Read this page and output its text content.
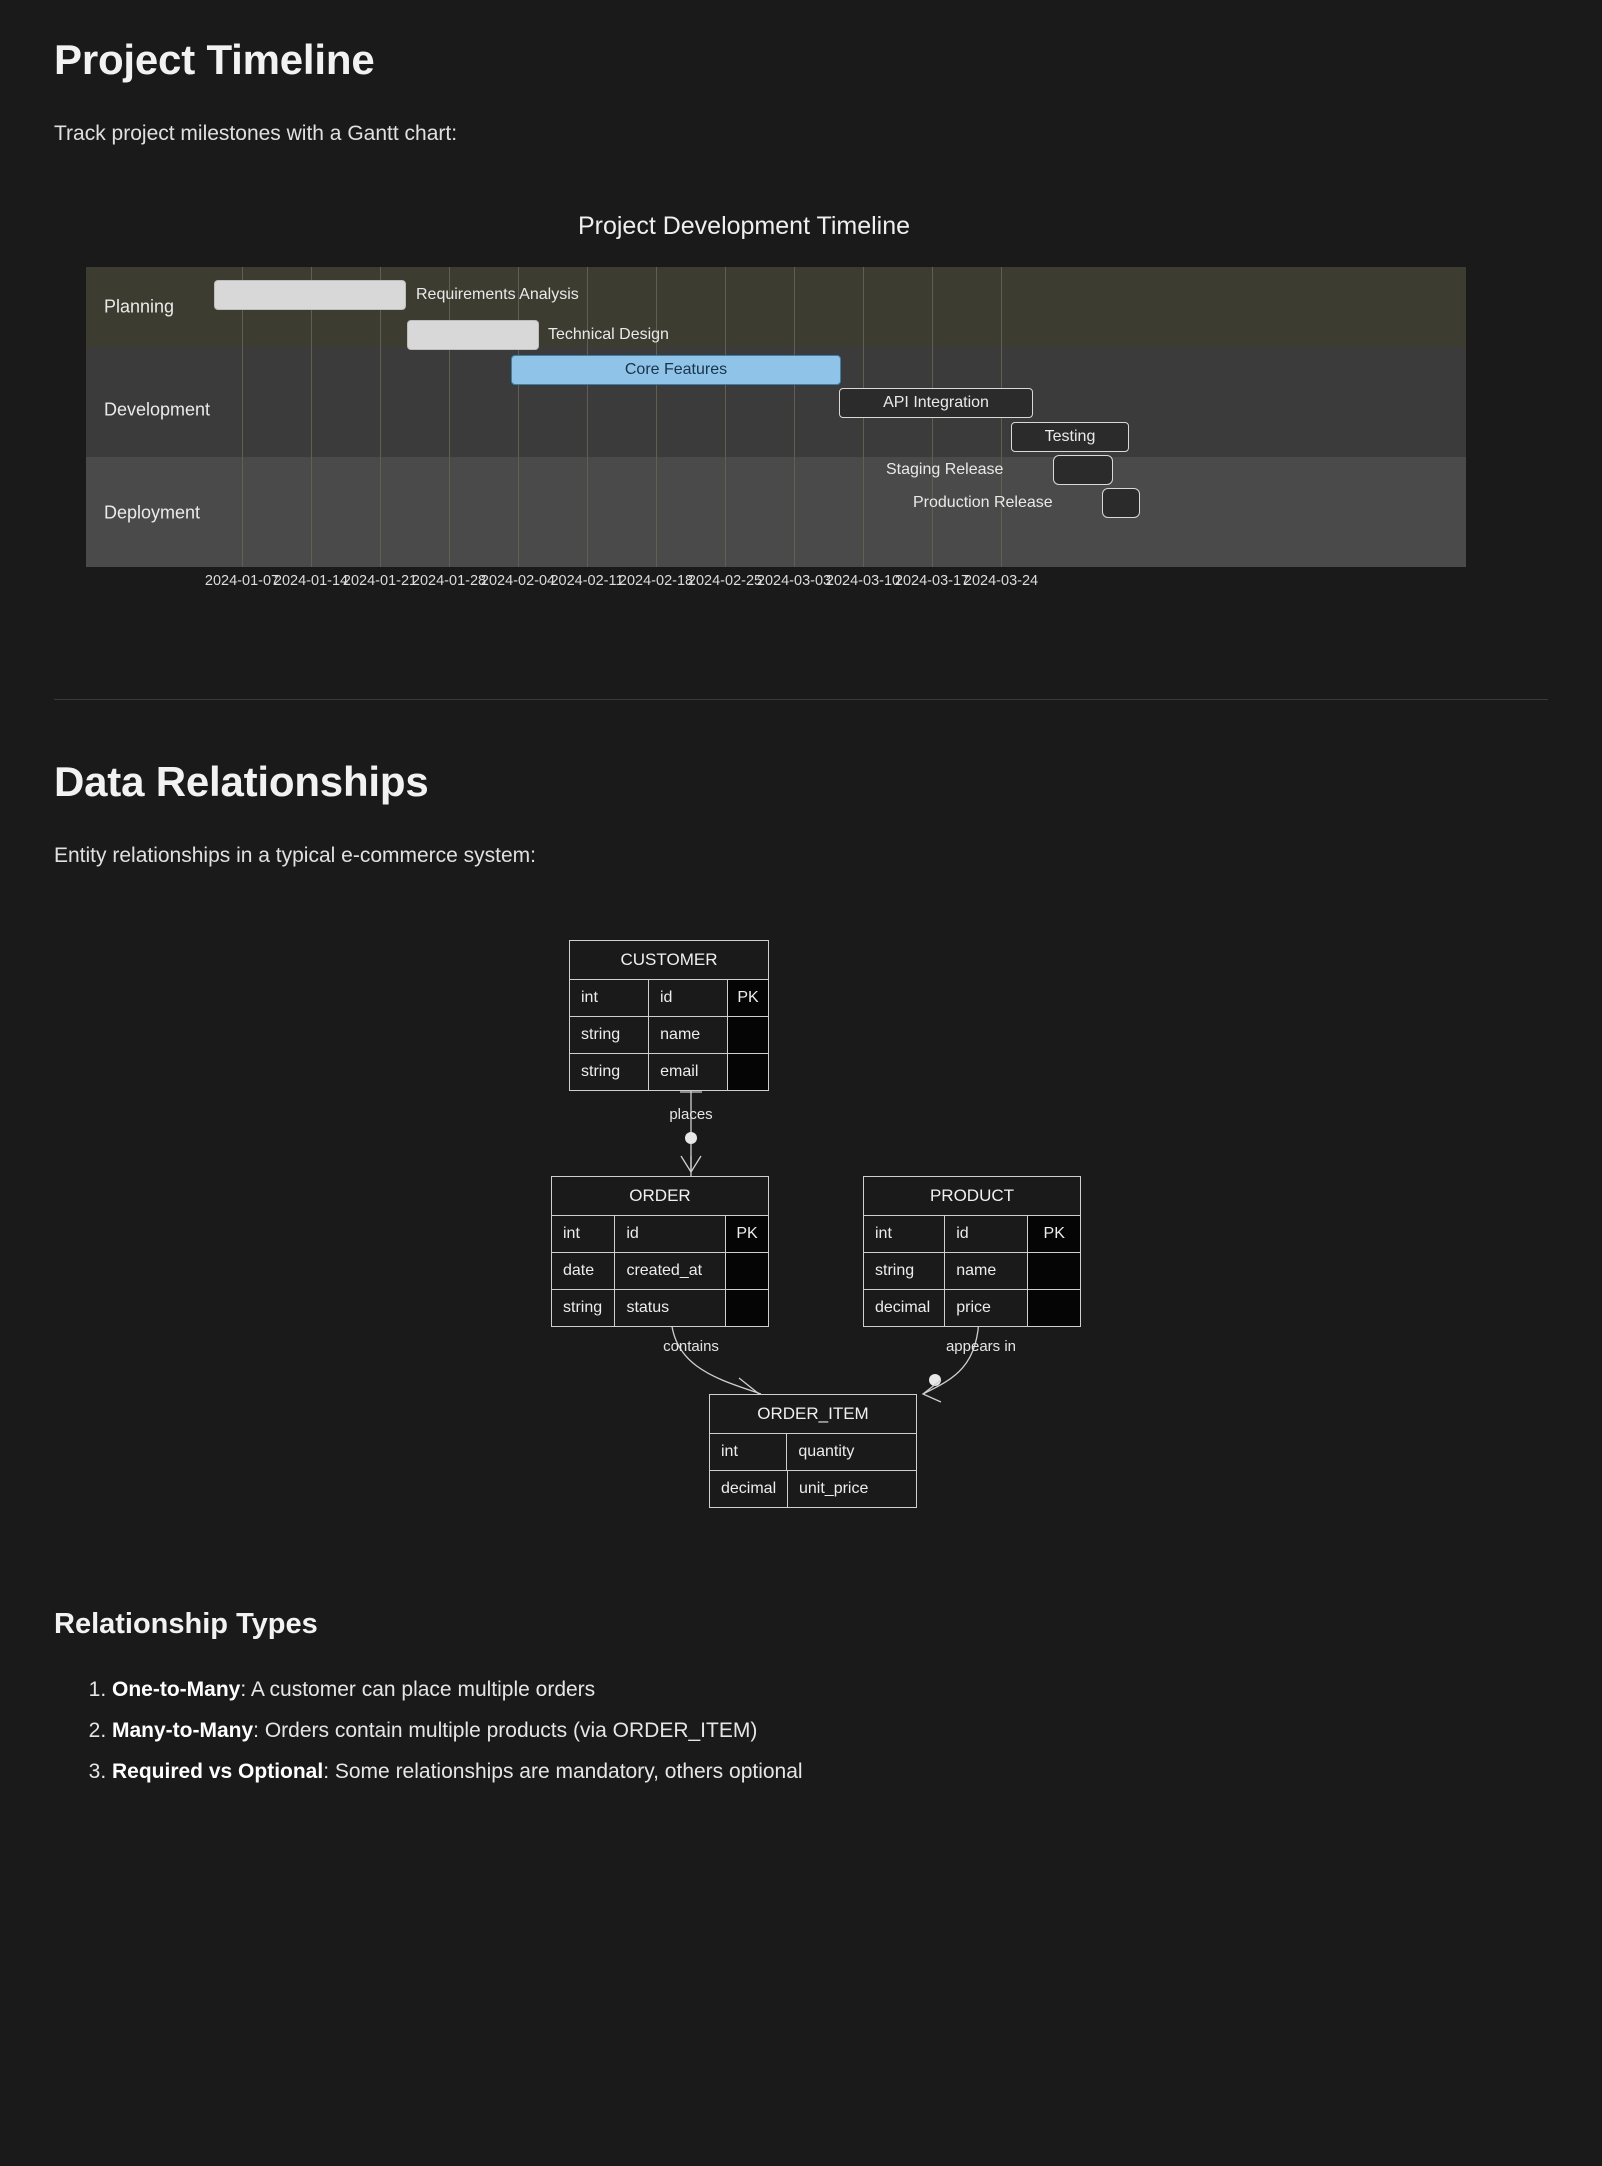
Project Timeline

Track project milestones with a Gantt chart:

Project Development Timeline
Planning
Development
Deployment
Requirements Analysis
Technical Design
Core Features
API Integration
Testing
Staging Release
Production Release
2024-01-07
2024-01-14
2024-01-21
2024-01-28
2024-02-04
2024-02-11
2024-02-18
2024-02-25
2024-03-03
2024-03-10
2024-03-17
2024-03-24
Data Relationships

Entity relationships in a typical e-commerce system:

CUSTOMER
int	id	PK
string	name
string	email
places
ORDER
int	id	PK
date	created_at
string	status
PRODUCT
int	id	PK
string	name
decimal	price
contains	appears in
ORDER_ITEM
int	quantity
decimal	unit_price
Relationship Types
1. One-to-Many: A customer can place multiple orders
2. Many-to-Many: Orders contain multiple products (via ORDER_ITEM)
3. Required vs Optional: Some relationships are mandatory, others optional
